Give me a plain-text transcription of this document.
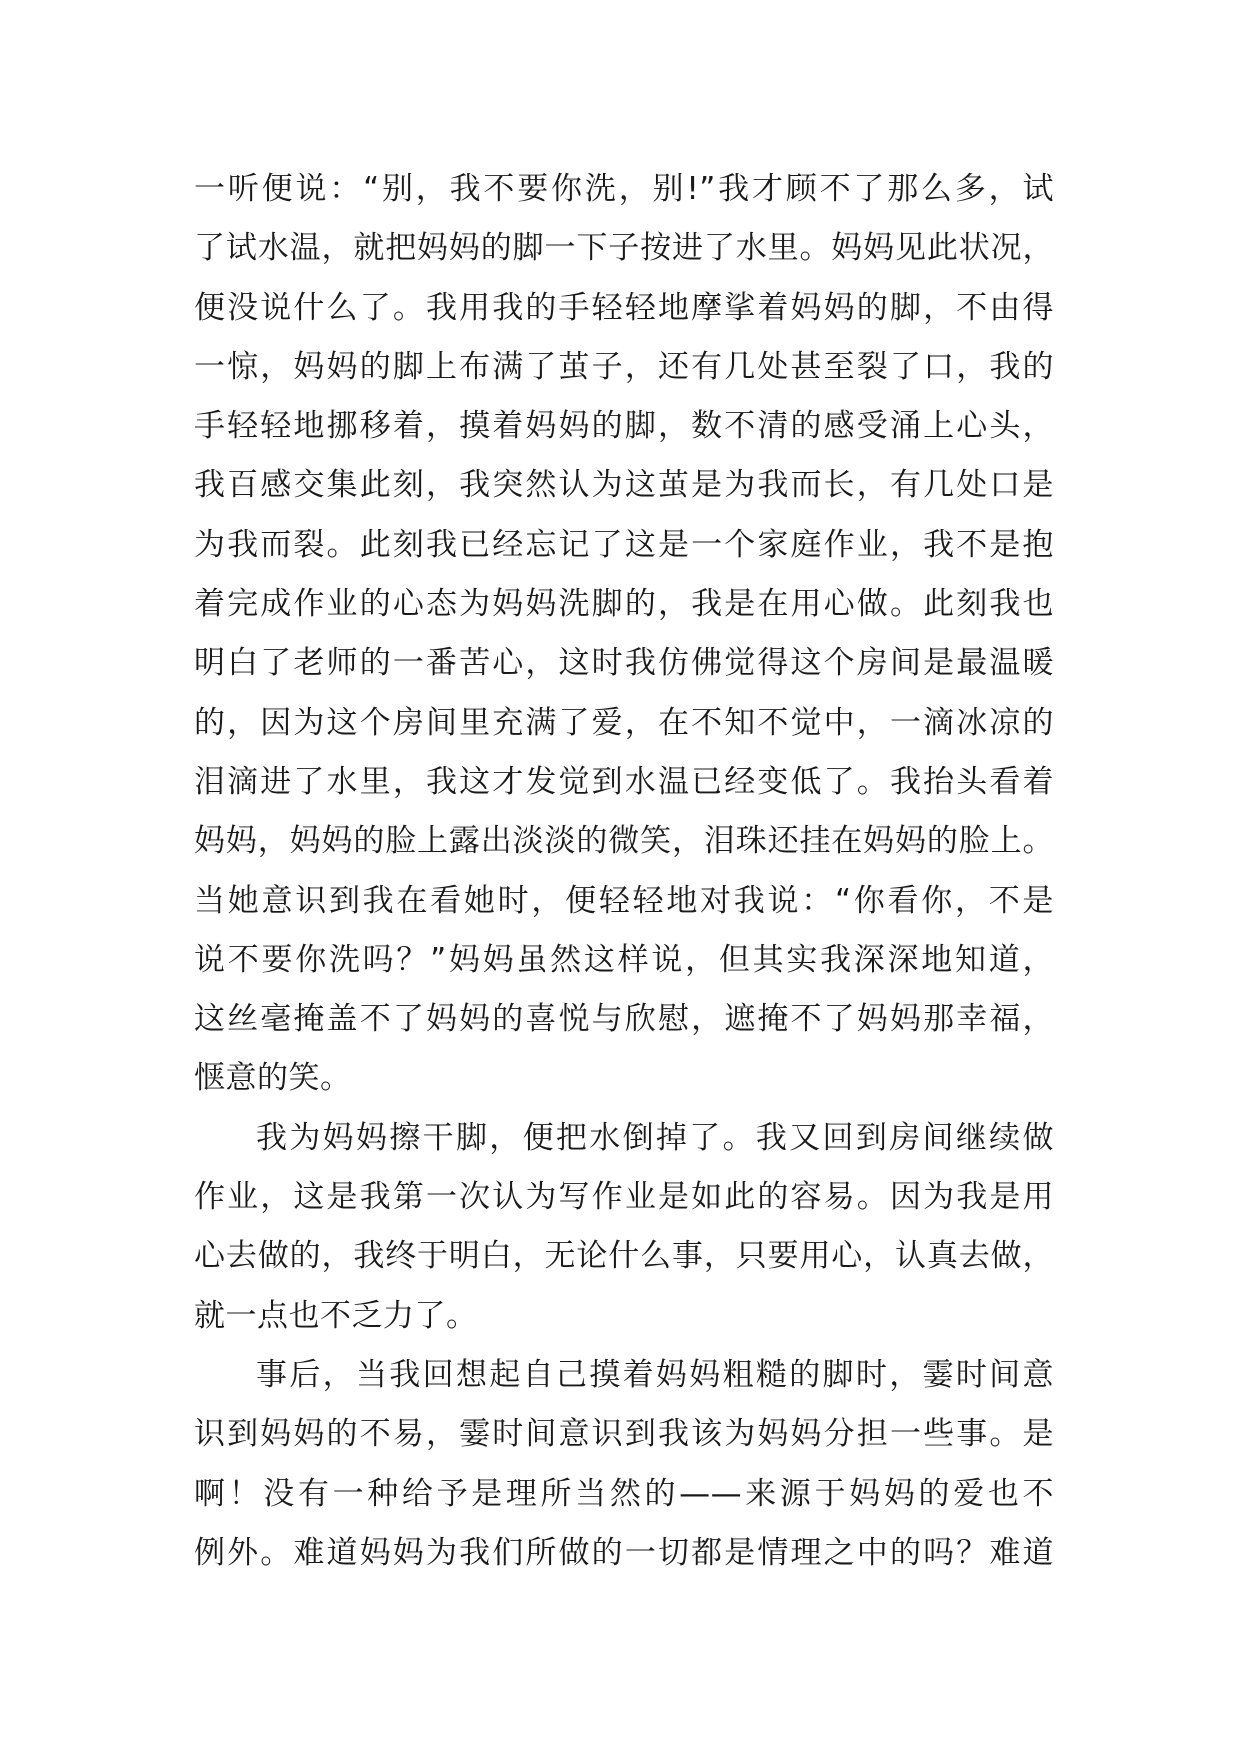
一听便说：“别，我不要你洗，别!”我才顾不了那么多，试
了试水温，就把妈妈的脚一下子按进了水里。妈妈见此状况，
便没说什么了。我用我的手轻轻地摩挲着妈妈的脚，不由得
一惊，妈妈的脚上布满了茧子，还有几处甚至裂了口，我的
手轻轻地挪移着，摸着妈妈的脚，数不清的感受涌上心头，
我百感交集此刻，我突然认为这茧是为我而长，有几处口是
为我而裂。此刻我已经忘记了这是一个家庭作业，我不是抱
着完成作业的心态为妈妈洗脚的，我是在用心做。此刻我也
明白了老师的一番苦心，这时我仿佛觉得这个房间是最温暖
的，因为这个房间里充满了爱，在不知不觉中，一滴冰凉的
泪滴进了水里，我这才发觉到水温已经变低了。我抬头看着
妈妈，妈妈的脸上露出淡淡的微笑，泪珠还挂在妈妈的脸上。
当她意识到我在看她时，便轻轻地对我说：“你看你，不是
说不要你洗吗？”妈妈虽然这样说，但其实我深深地知道，
这丝毫掩盖不了妈妈的喜悦与欣慰，遮掩不了妈妈那幸福，
惬意的笑。
我为妈妈擦干脚，便把水倒掉了。我又回到房间继续做
作业，这是我第一次认为写作业是如此的容易。因为我是用
心去做的，我终于明白，无论什么事，只要用心，认真去做，
就一点也不乏力了。
事后，当我回想起自己摸着妈妈粗糙的脚时，霎时间意
识到妈妈的不易，霎时间意识到我该为妈妈分担一些事。是
啊！没有一种给予是理所当然的——来源于妈妈的爱也不
例外。难道妈妈为我们所做的一切都是情理之中的吗？难道
